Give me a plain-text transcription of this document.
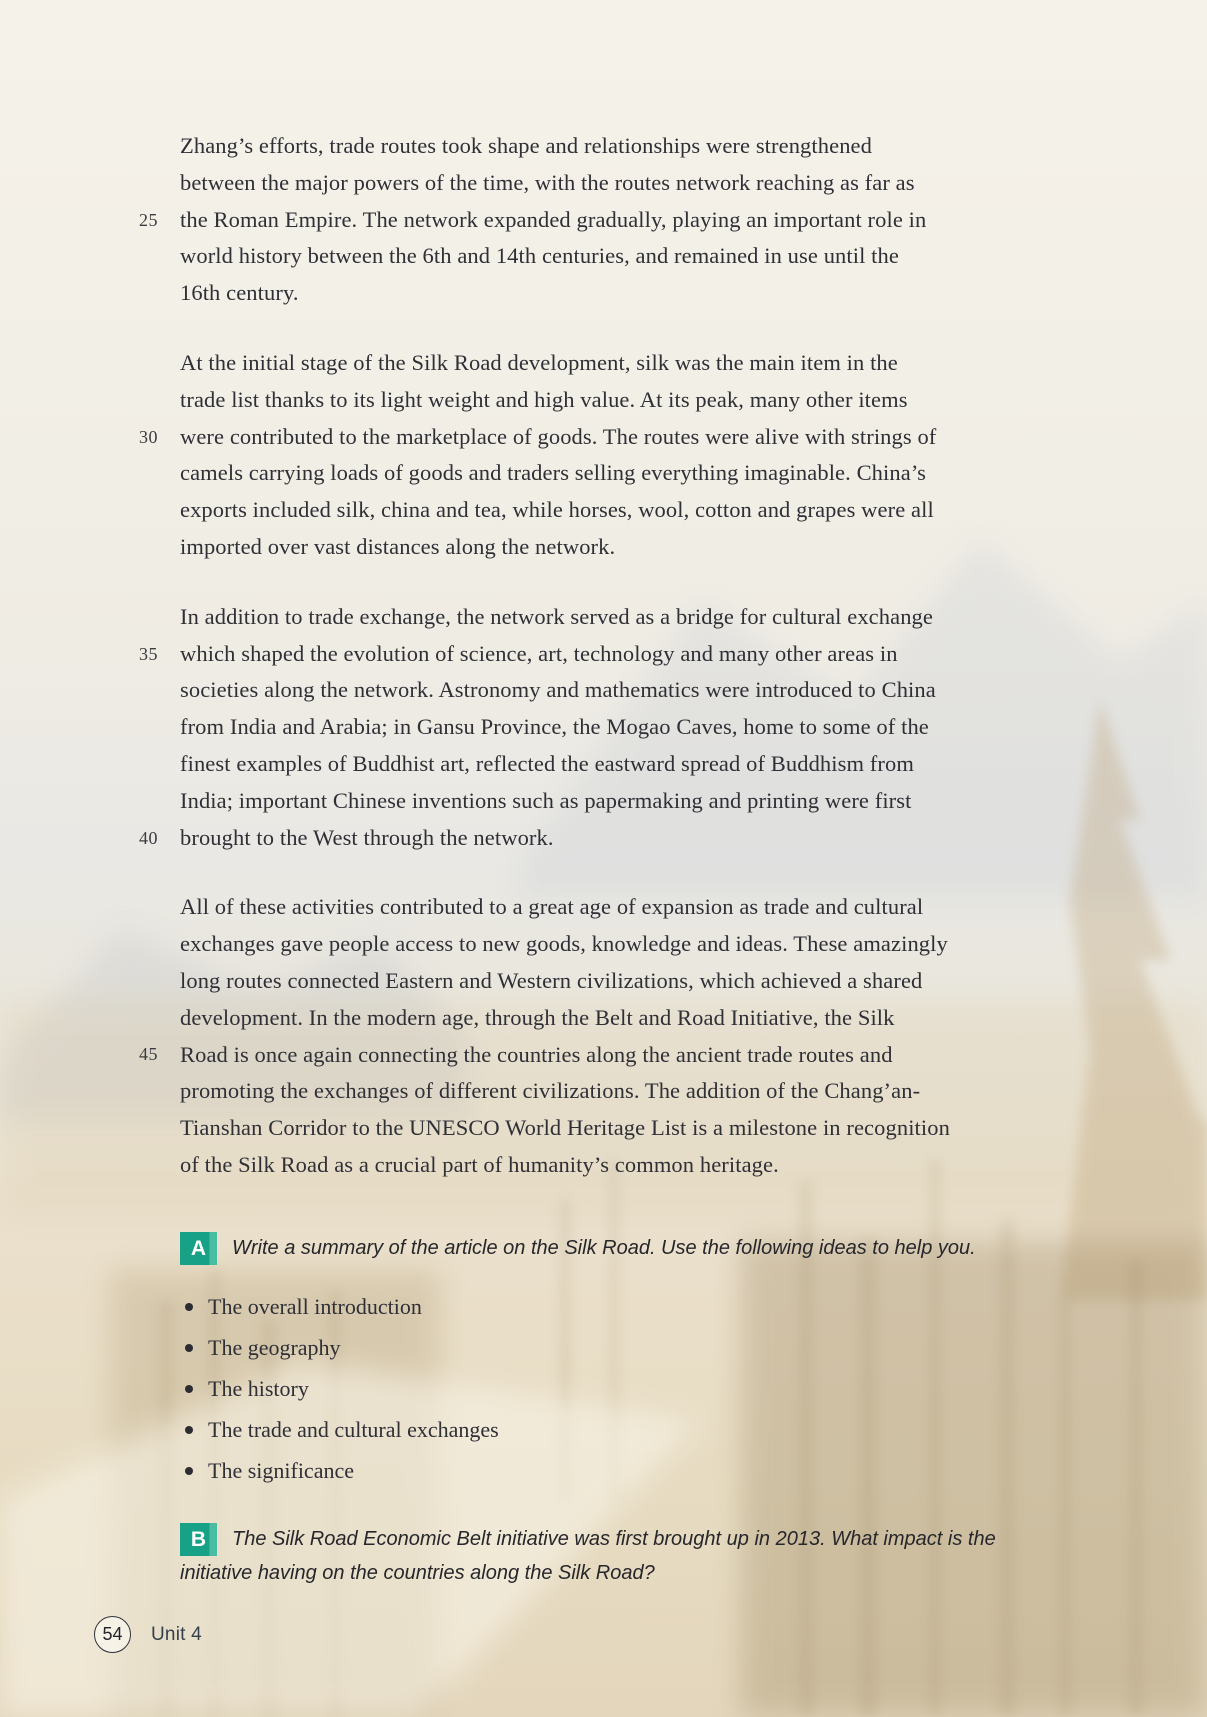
25
Zhang’s efforts, trade routes took shape and relationships were strengthened
between the major powers of the time, with the routes network reaching as far as
the Roman Empire. The network expanded gradually, playing an important role in
world history between the 6th and 14th centuries, and remained in use until the
16th century.
30
At the initial stage of the Silk Road development, silk was the main item in the
trade list thanks to its light weight and high value. At its peak, many other items
were contributed to the marketplace of goods. The routes were alive with strings of
camels carrying loads of goods and traders selling everything imaginable. China’s
exports included silk, china and tea, while horses, wool, cotton and grapes were all
imported over vast distances along the network.
35
40
In addition to trade exchange, the network served as a bridge for cultural exchange
which shaped the evolution of science, art, technology and many other areas in
societies along the network. Astronomy and mathematics were introduced to China
from India and Arabia; in Gansu Province, the Mogao Caves, home to some of the
finest examples of Buddhist art, reflected the eastward spread of Buddhism from
India; important Chinese inventions such as papermaking and printing were first
brought to the West through the network.
45
All of these activities contributed to a great age of expansion as trade and cultural
exchanges gave people access to new goods, knowledge and ideas. These amazingly
long routes connected Eastern and Western civilizations, which achieved a shared
development. In the modern age, through the Belt and Road Initiative, the Silk
Road is once again connecting the countries along the ancient trade routes and
promoting the exchanges of different civilizations. The addition of the Chang’an-
Tianshan Corridor to the UNESCO World Heritage List is a milestone in recognition
of the Silk Road as a crucial part of humanity’s common heritage.
A	Write a summary of the article on the Silk Road. Use the following ideas to help you.
The overall introduction
The geography
The history
The trade and cultural exchanges
The significance
B	The Silk Road Economic Belt initiative was first brought up in 2013. What impact is the
initiative having on the countries along the Silk Road?
54 Unit 4
